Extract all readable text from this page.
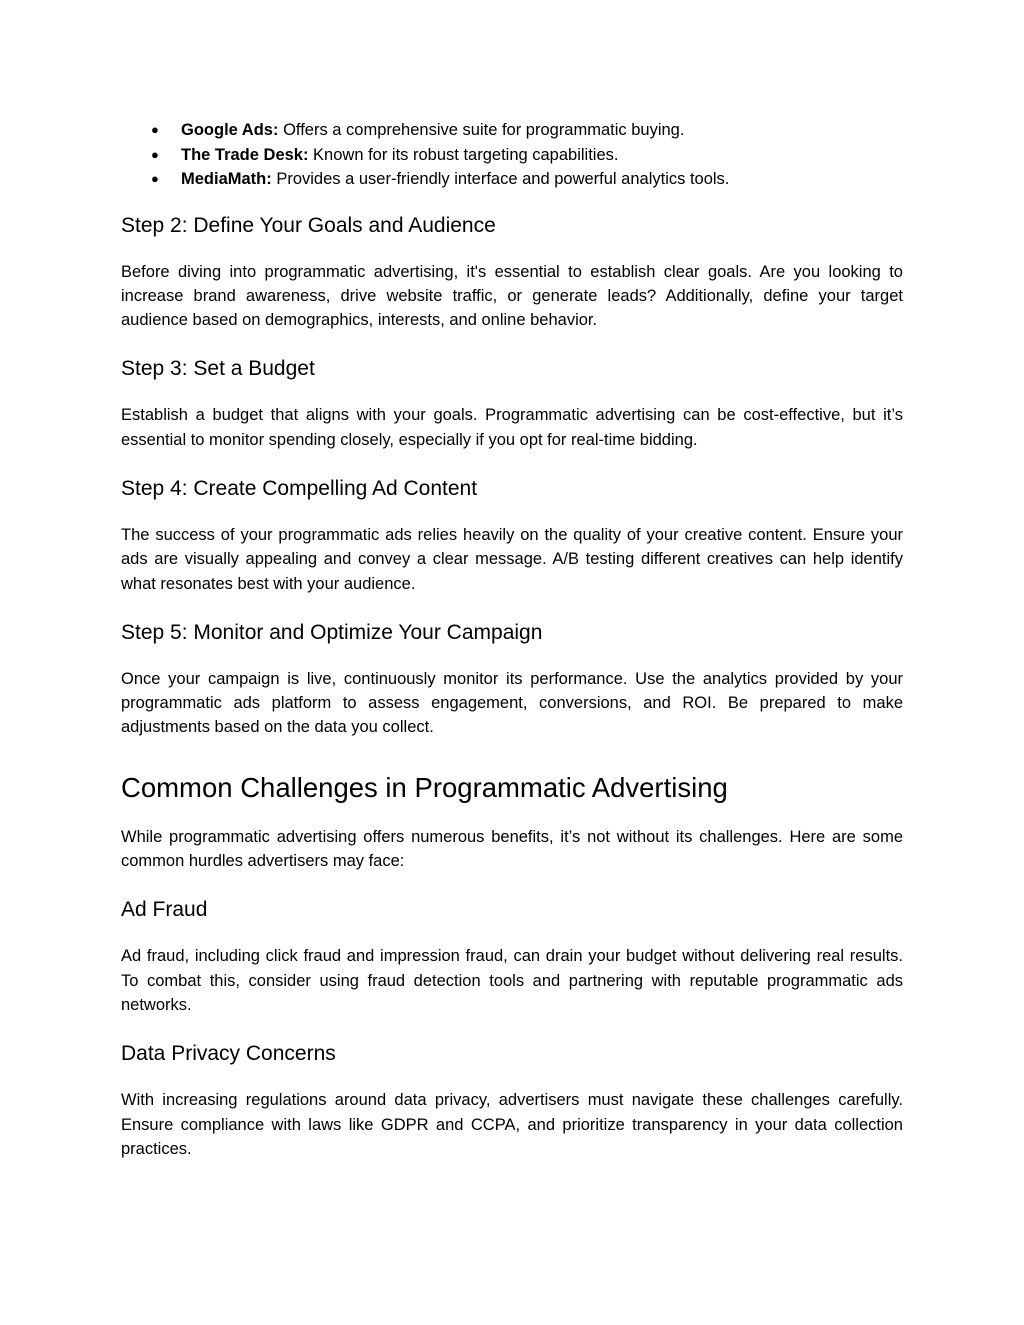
● Google Ads: Offers a comprehensive suite for programmatic buying.
● The Trade Desk: Known for its robust targeting capabilities.
● MediaMath: Provides a user-friendly interface and powerful analytics tools.
Step 2: Define Your Goals and Audience

Before diving into programmatic advertising, it's essential to establish clear goals. Are you looking to increase brand awareness, drive website traffic, or generate leads? Additionally, define your target audience based on demographics, interests, and online behavior.

Step 3: Set a Budget

Establish a budget that aligns with your goals. Programmatic advertising can be cost-effective, but it’s essential to monitor spending closely, especially if you opt for real-time bidding.

Step 4: Create Compelling Ad Content

The success of your programmatic ads relies heavily on the quality of your creative content. Ensure your ads are visually appealing and convey a clear message. A/B testing different creatives can help identify what resonates best with your audience.

Step 5: Monitor and Optimize Your Campaign

Once your campaign is live, continuously monitor its performance. Use the analytics provided by your programmatic ads platform to assess engagement, conversions, and ROI. Be prepared to make adjustments based on the data you collect.

Common Challenges in Programmatic Advertising

While programmatic advertising offers numerous benefits, it’s not without its challenges. Here are some common hurdles advertisers may face:

Ad Fraud

Ad fraud, including click fraud and impression fraud, can drain your budget without delivering real results. To combat this, consider using fraud detection tools and partnering with reputable programmatic ads networks.

Data Privacy Concerns

With increasing regulations around data privacy, advertisers must navigate these challenges carefully. Ensure compliance with laws like GDPR and CCPA, and prioritize transparency in your data collection practices.
